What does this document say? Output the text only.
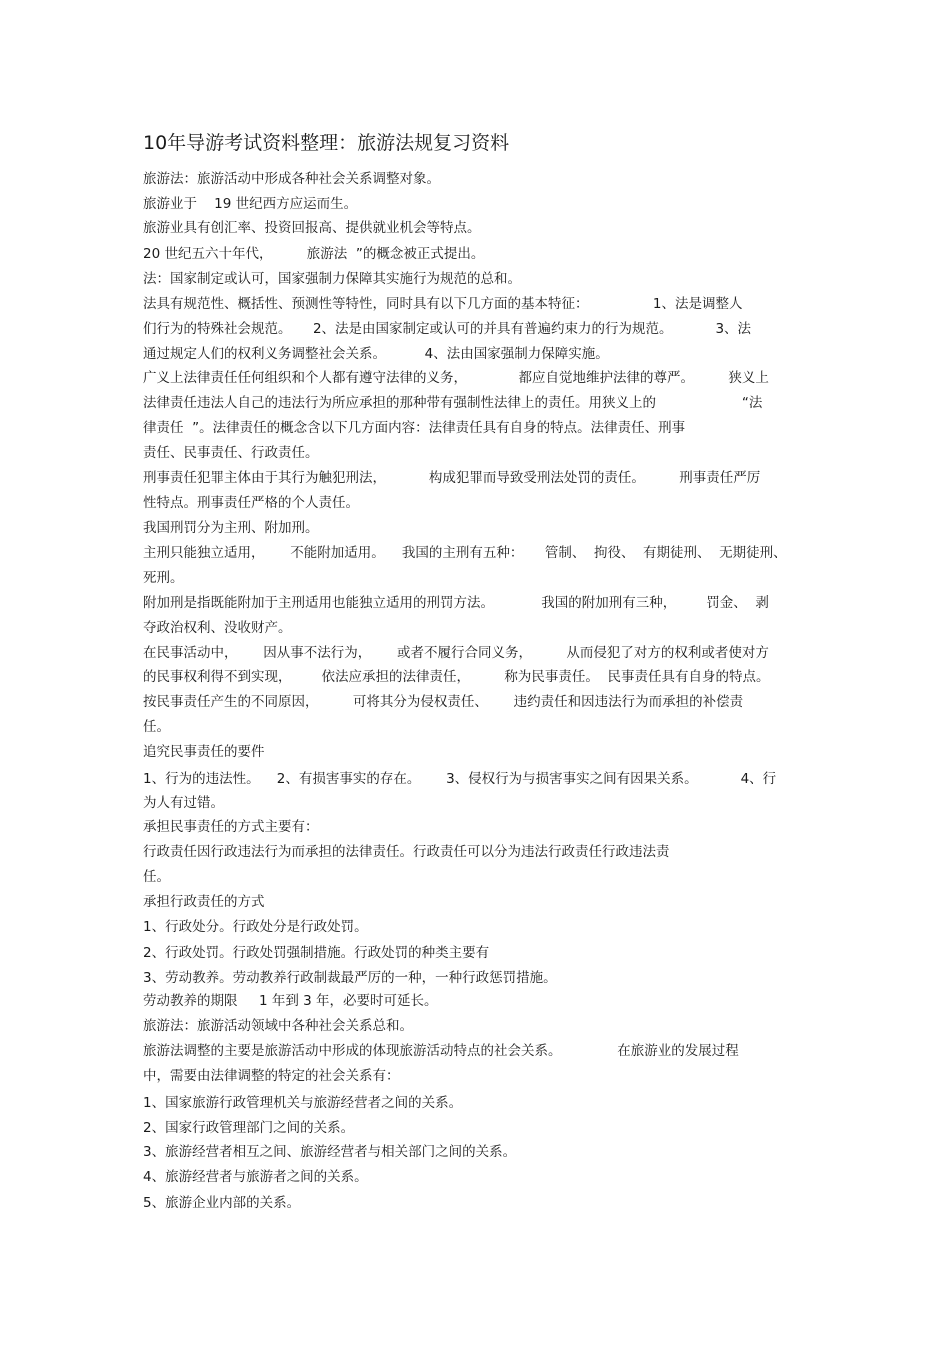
10年导游考试资料整理：旅游法规复习资料

旅游法：旅游活动中形成各种社会关系调整对象。

旅游业于    19 世纪西方应运而生。

旅游业具有创汇率、投资回报高、提供就业机会等特点。

20 世纪五六十年代，        旅游法  ”的概念被正式提出。

法：国家制定或认可，国家强制力保障其实施行为规范的总和。

法具有规范性、概括性、预测性等特性，同时具有以下几方面的基本特征：               1、法是调整人

们行为的特殊社会规范。     2、法是由国家制定或认可的并具有普遍约束力的行为规范。          3、法

通过规定人们的权利义务调整社会关系。         4、法由国家强制力保障实施。

广义上法律责任任何组织和个人都有遵守法律的义务，            都应自觉地维护法律的尊严。        狭义上

法律责任违法人自己的违法行为所应承担的那种带有强制性法律上的责任。用狭义上的                    “法

律责任  ”。法律责任的概念含以下几方面内容：法律责任具有自身的特点。法律责任、刑事

责任、民事责任、行政责任。

刑事责任犯罪主体由于其行为触犯刑法，          构成犯罪而导致受刑法处罚的责任。        刑事责任严厉

性特点。刑事责任严格的个人责任。

我国刑罚分为主刑、附加刑。

主刑只能独立适用，      不能附加适用。    我国的主刑有五种：     管制、  拘役、  有期徒刑、  无期徒刑、

死刑。

附加刑是指既能附加于主刑适用也能独立适用的刑罚方法。           我国的附加刑有三种，       罚金、  剥

夺政治权利、没收财产。

在民事活动中，      因从事不法行为，      或者不履行合同义务，        从而侵犯了对方的权利或者使对方

的民事权利得不到实现，       依法应承担的法律责任，        称为民事责任。  民事责任具有自身的特点。

按民事责任产生的不同原因，        可将其分为侵权责任、      违约责任和因违法行为而承担的补偿责

任。

追究民事责任的要件

1、行为的违法性。    2、有损害事实的存在。      3、侵权行为与损害事实之间有因果关系。          4、行

为人有过错。

承担民事责任的方式主要有：

行政责任因行政违法行为而承担的法律责任。行政责任可以分为违法行政责任行政违法责

任。

承担行政责任的方式

1、行政处分。行政处分是行政处罚。

2、行政处罚。行政处罚强制措施。行政处罚的种类主要有

3、劳动教养。劳动教养行政制裁最严厉的一种，一种行政惩罚措施。

劳动教养的期限     1 年到 3 年，必要时可延长。

旅游法：旅游活动领域中各种社会关系总和。

旅游法调整的主要是旅游活动中形成的体现旅游活动特点的社会关系。             在旅游业的发展过程

中，需要由法律调整的特定的社会关系有：

1、国家旅游行政管理机关与旅游经营者之间的关系。

2、国家行政管理部门之间的关系。

3、旅游经营者相互之间、旅游经营者与相关部门之间的关系。

4、旅游经营者与旅游者之间的关系。

5、旅游企业内部的关系。
